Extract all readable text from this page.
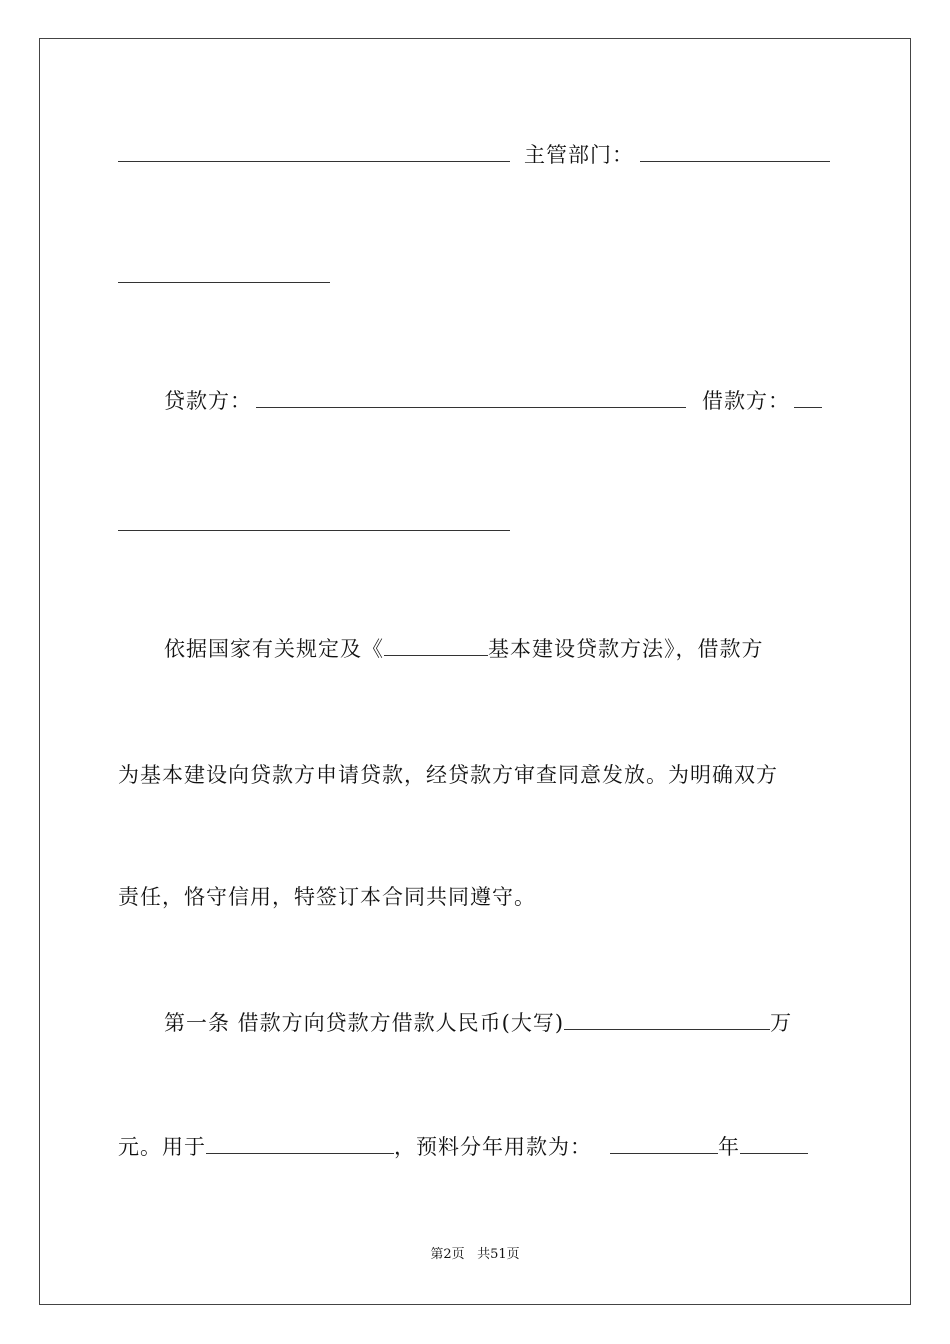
主管部门：
贷款方：	借款方：
依据国家有关规定及《	基本建设贷款方法》，借款方
为基本建设向贷款方申请贷款，经贷款方审查同意发放。为明确双方
责任，恪守信用，特签订本合同共同遵守。
第一条 借款方向贷款方借款人民币(大写)	万
元。用于	，预料分年用款为：	年
第2页 共51页
